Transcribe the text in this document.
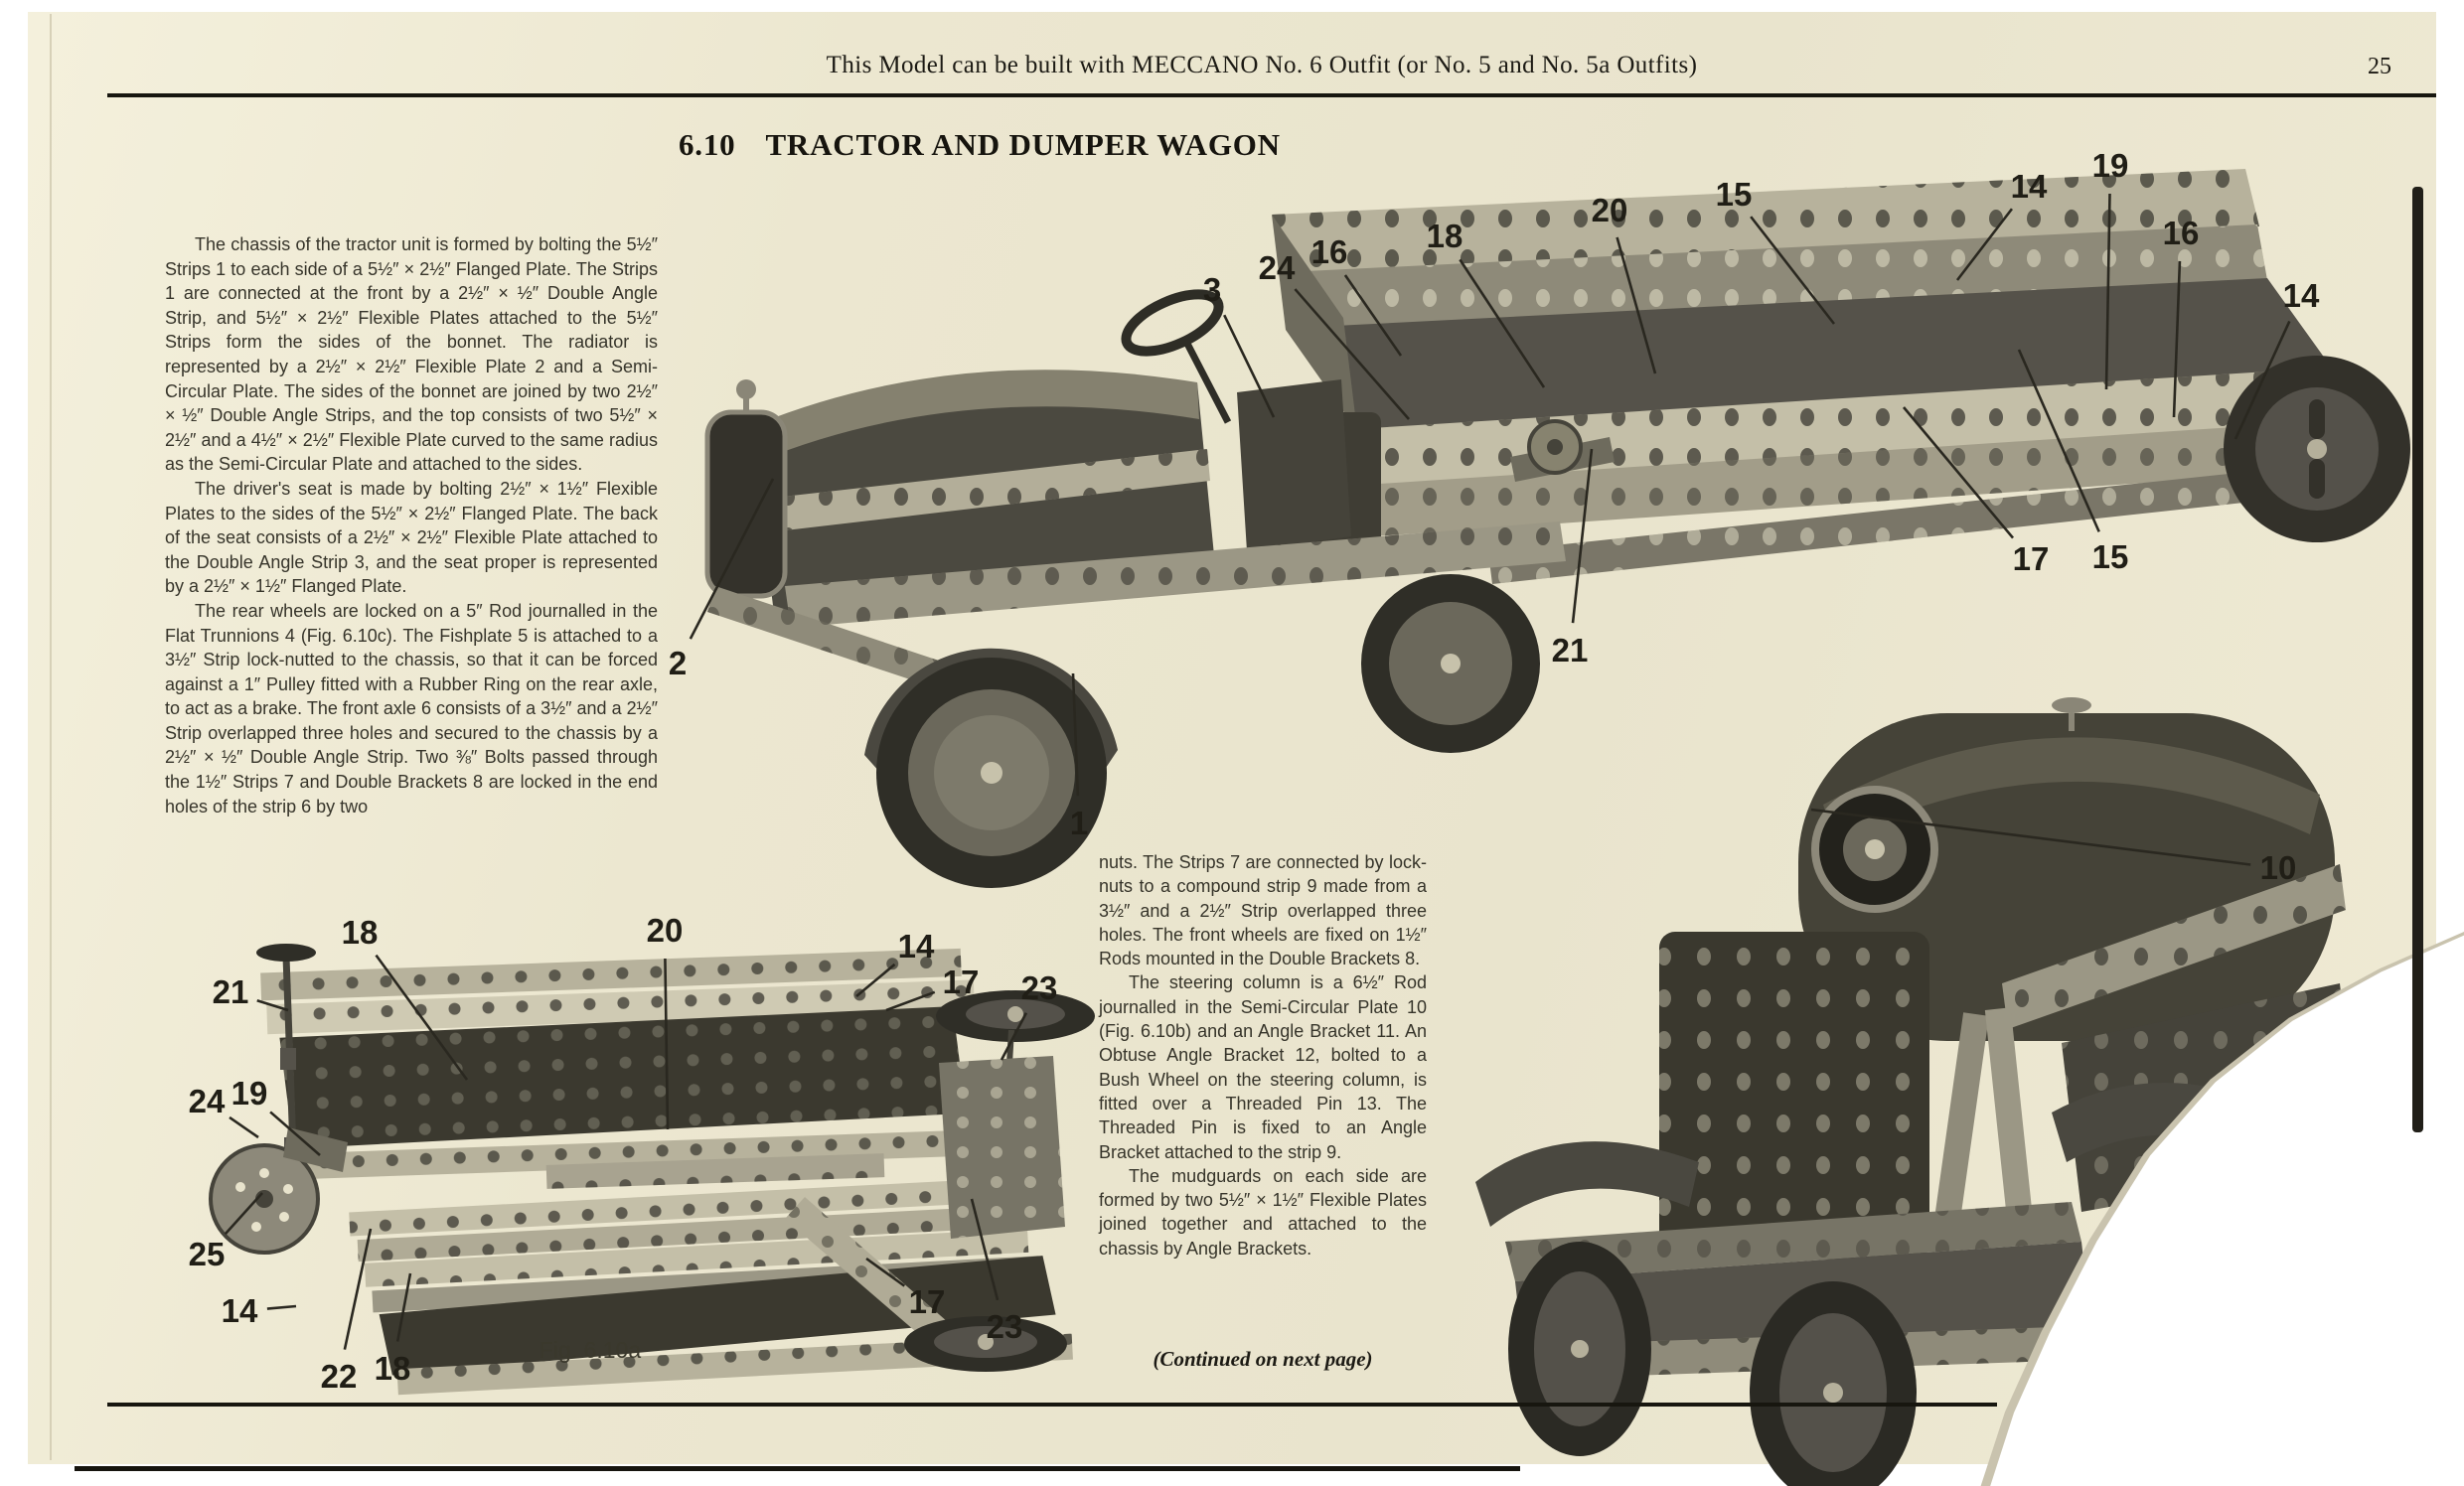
This Model can be built with MECCANO No. 6 Outfit (or No. 5 and No. 5a Outfits)	25
6.10 TRACTOR AND DUMPER WAGON

The chassis of the tractor unit is formed by bolting the 5½″ Strips 1 to each side of a 5½″ × 2½″ Flanged Plate. The Strips 1 are connected at the front by a 2½″ × ½″ Double Angle Strip, and 5½″ × 2½″ Flexible Plates attached to the 5½″ Strips form the sides of the bonnet. The radiator is represented by a 2½″ × 2½″ Flexible Plate 2 and a Semi-Circular Plate. The sides of the bonnet are joined by two 2½″ × ½″ Double Angle Strips, and the top consists of two 5½″ × 2½″ and a 4½″ × 2½″ Flexible Plate curved to the same radius as the Semi-Circular Plate and attached to the sides.

The driver's seat is made by bolting 2½″ × 1½″ Flexible Plates to the sides of the 5½″ × 2½″ Flanged Plate. The back of the seat consists of a 2½″ × 2½″ Flexible Plate attached to the Double Angle Strip 3, and the seat proper is represented by a 2½″ × 1½″ Flanged Plate.

The rear wheels are locked on a 5″ Rod journalled in the Flat Trunnions 4 (Fig. 6.10c). The Fishplate 5 is attached to a 3½″ Strip lock-nutted to the chassis, so that it can be forced against a 1″ Pulley fitted with a Rubber Ring on the rear axle, to act as a brake. The front axle 6 consists of a 3½″ and a 2½″ Strip overlapped three holes and secured to the chassis by a 2½″ × ½″ Double Angle Strip. Two ⅜″ Bolts passed through the 1½″ Strips 7 and Double Brackets 8 are locked in the end holes of the strip 6 by two

3
24 16 18
20	15	14
19
16
14
2	21
17 15
1

nuts. The Strips 7 are connected by lock-nuts to a compound strip 9 made from a 3½″ and a 2½″ Strip overlapped three holes. The front wheels are fixed on 1½″ Rods mounted in the Double Brackets 8.

The steering column is a 6½″ Rod journalled in the Semi-Circular Plate 10 (Fig. 6.10b) and an Angle Bracket 11. An Obtuse Angle Bracket 12, bolted to a Bush Wheel on the steering column, is fitted over a Threaded Pin 13. The Threaded Pin is fixed to an Angle Bracket attached to the strip 9.

The mudguards on each side are formed by two 5½″ × 1½″ Flexible Plates joined together and attached to the chassis by Angle Brackets.

(Continued on next page)
18	20	14
17 23
21
24 19
25
14
22 18
17
23
Fig. 6.10a
10
